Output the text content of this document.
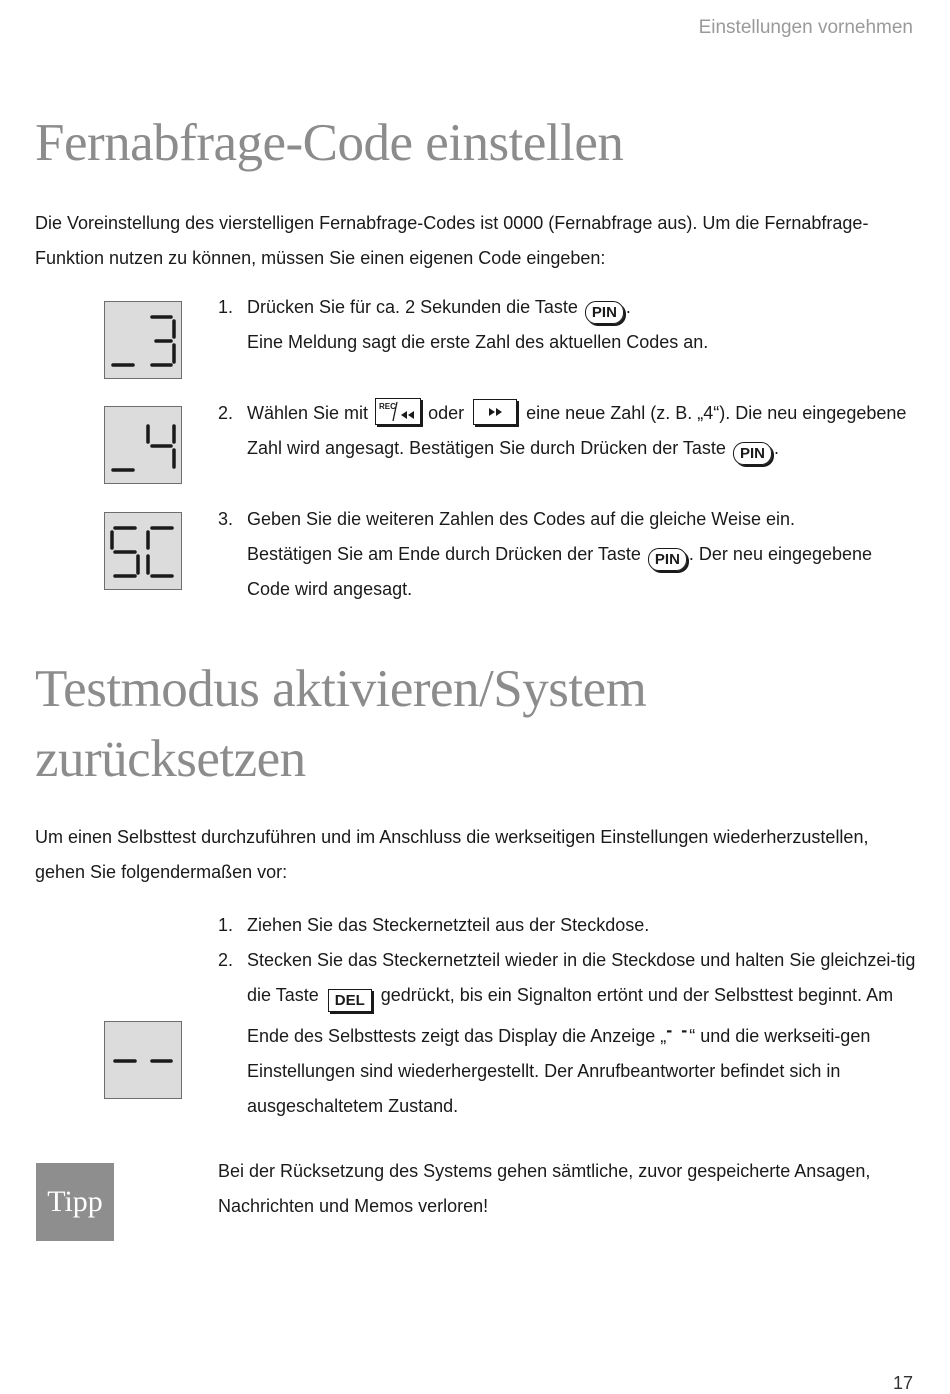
Einstellungen vornehmen
Fernabfrage-Code einstellen
Die Voreinstellung des vierstelligen Fernabfrage-Codes ist 0000 (Fernabfrage aus). Um die Fernabfrage-Funktion nutzen zu können, müssen Sie einen eigenen Code eingeben:
1. Drücken Sie für ca. 2 Sekunden die Taste PIN .
Eine Meldung sagt die erste Zahl des aktuellen Codes an.
2. Wählen Sie mit REC oder	eine neue Zahl (z. B. „4“). Die neu eingegebene Zahl wird angesagt. Bestätigen Sie durch Drücken der Taste PIN .
3. Geben Sie die weiteren Zahlen des Codes auf die gleiche Weise ein.
Bestätigen Sie am Ende durch Drücken der Taste PIN . Der neu eingegebene Code wird angesagt.
Testmodus aktivieren/System
zurücksetzen
Um einen Selbsttest durchzuführen und im Anschluss die werkseitigen Einstellungen wiederherzustellen, gehen Sie folgendermaßen vor:
1. Ziehen Sie das Steckernetzteil aus der Steckdose.
2. Stecken Sie das Steckernetzteil wieder in die Steckdose und halten Sie gleichzei-tig die Taste DEL gedrückt, bis ein Signalton ertönt und der Selbsttest beginnt. Am Ende des Selbsttests zeigt das Display die Anzeige „- -“ und die werkseiti-gen Einstellungen sind wiederhergestellt. Der Anrufbeantworter befindet sich in ausgeschaltetem Zustand.
Tipp
Bei der Rücksetzung des Systems gehen sämtliche, zuvor gespeicherte Ansagen, Nachrichten und Memos verloren!
17
